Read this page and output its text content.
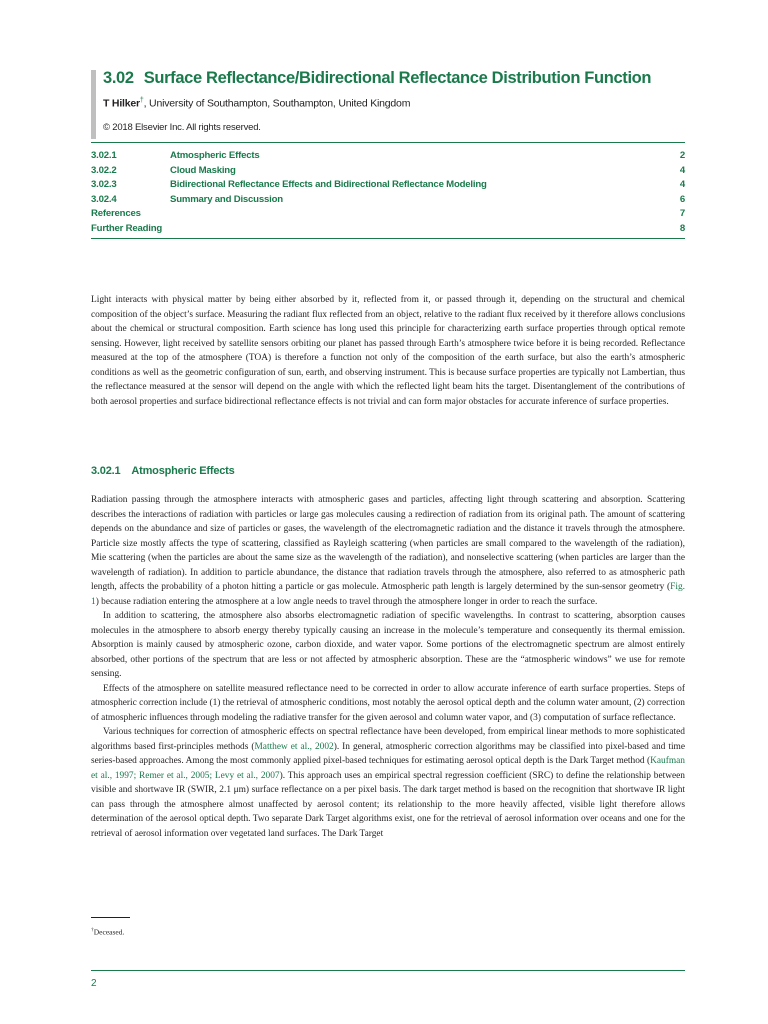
3.02 Surface Reflectance/Bidirectional Reflectance Distribution Function
T Hilker†, University of Southampton, Southampton, United Kingdom
© 2018 Elsevier Inc. All rights reserved.
3.02.1	Atmospheric Effects	2
3.02.2	Cloud Masking	4
3.02.3	Bidirectional Reflectance Effects and Bidirectional Reflectance Modeling	4
3.02.4	Summary and Discussion	6
References	7
Further Reading	8

Light interacts with physical matter by being either absorbed by it, reflected from it, or passed through it, depending on the structural and chemical composition of the object’s surface. Measuring the radiant flux reflected from an object, relative to the radiant flux received by it therefore allows conclusions about the chemical or structural composition. Earth science has long used this principle for characterizing earth surface properties through optical remote sensing. However, light received by satellite sensors orbiting our planet has passed through Earth’s atmosphere twice before it is being recorded. Reflectance measured at the top of the atmosphere (TOA) is therefore a function not only of the composition of the earth surface, but also the earth’s atmospheric conditions as well as the geometric configuration of sun, earth, and observing instrument. This is because surface properties are typically not Lambertian, thus the reflectance measured at the sensor will depend on the angle with which the reflected light beam hits the target. Disentanglement of the contributions of both aerosol properties and surface bidirectional reflectance effects is not trivial and can form major obstacles for accurate inference of surface properties.

3.02.1 Atmospheric Effects

Radiation passing through the atmosphere interacts with atmospheric gases and particles, affecting light through scattering and absorption. Scattering describes the interactions of radiation with particles or large gas molecules causing a redirection of radiation from its original path. The amount of scattering depends on the abundance and size of particles or gases, the wavelength of the electromagnetic radiation and the distance it travels through the atmosphere. Particle size mostly affects the type of scattering, classified as Rayleigh scattering (when particles are small compared to the wavelength of the radiation), Mie scattering (when the particles are about the same size as the wavelength of the radiation), and nonselective scattering (when particles are larger than the wavelength of radiation). In addition to particle abundance, the distance that radiation travels through the atmosphere, also referred to as atmospheric path length, affects the probability of a photon hitting a particle or gas molecule. Atmospheric path length is largely determined by the sun-sensor geometry (Fig. 1) because radiation entering the atmosphere at a low angle needs to travel through the atmosphere longer in order to reach the surface.

In addition to scattering, the atmosphere also absorbs electromagnetic radiation of specific wavelengths. In contrast to scattering, absorption causes molecules in the atmosphere to absorb energy thereby typically causing an increase in the molecule’s temperature and consequently its thermal emission. Absorption is mainly caused by atmospheric ozone, carbon dioxide, and water vapor. Some portions of the electromagnetic spectrum are almost entirely absorbed, other portions of the spectrum that are less or not affected by atmospheric absorption. These are the “atmospheric windows” we use for remote sensing.

Effects of the atmosphere on satellite measured reflectance need to be corrected in order to allow accurate inference of earth surface properties. Steps of atmospheric correction include (1) the retrieval of atmospheric conditions, most notably the aerosol optical depth and the column water amount, (2) correction of atmospheric influences through modeling the radiative transfer for the given aerosol and column water vapor, and (3) computation of surface reflectance.

Various techniques for correction of atmospheric effects on spectral reflectance have been developed, from empirical linear methods to more sophisticated algorithms based first-principles methods (Matthew et al., 2002). In general, atmospheric correction algorithms may be classified into pixel-based and time series-based approaches. Among the most commonly applied pixel-based techniques for estimating aerosol optical depth is the Dark Target method (Kaufman et al., 1997; Remer et al., 2005; Levy et al., 2007). This approach uses an empirical spectral regression coefficient (SRC) to define the relationship between visible and shortwave IR (SWIR, 2.1 μm) surface reflectance on a per pixel basis. The dark target method is based on the recognition that shortwave IR light can pass through the atmosphere almost unaffected by aerosol content; its relationship to the more heavily affected, visible light therefore allows determination of the aerosol optical depth. Two separate Dark Target algorithms exist, one for the retrieval of aerosol information over oceans and one for the retrieval of aerosol information over vegetated land surfaces. The Dark Target

†Deceased.
2
